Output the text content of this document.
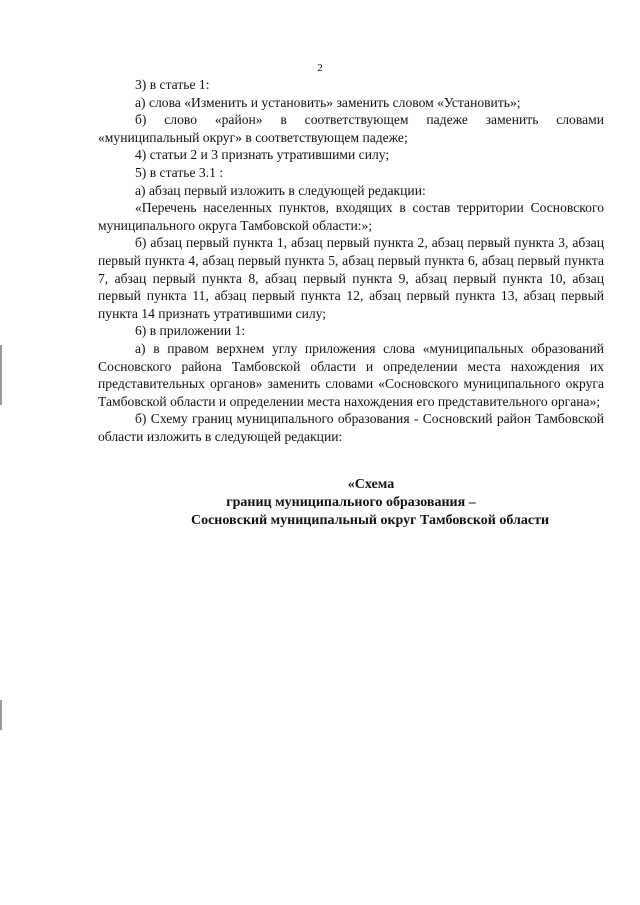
2

3) в статье 1:

а) слова «Изменить и установить» заменить словом «Установить»;

б) слово «район» в соответствующем падеже заменить словами «муниципальный округ» в соответствующем падеже;

4) статьи 2 и 3 признать утратившими силу;

5) в статье 3.1 :

а) абзац первый изложить в следующей редакции:

«Перечень населенных пунктов, входящих в состав территории Сосновского муниципального округа Тамбовской области:»;

б) абзац первый пункта 1, абзац первый пункта 2, абзац первый пункта 3, абзац первый пункта 4, абзац первый пункта 5, абзац первый пункта 6, абзац первый пункта 7, абзац первый пункта 8, абзац первый пункта 9, абзац первый пункта 10, абзац первый пункта 11, абзац первый пункта 12, абзац первый пункта 13, абзац первый пункта 14 признать утратившими силу;

6) в приложении 1:

а) в правом верхнем углу приложения слова «муниципальных образований Сосновского района Тамбовской области и определении места нахождения их представительных органов» заменить словами «Сосновского муниципального округа Тамбовской области и определении места нахождения его представительного органа»;

б) Схему границ муниципального образования - Сосновский район Тамбовской области изложить в следующей редакции:

«Схема
границ муниципального образования –
Сосновский муниципальный округ Тамбовской области
